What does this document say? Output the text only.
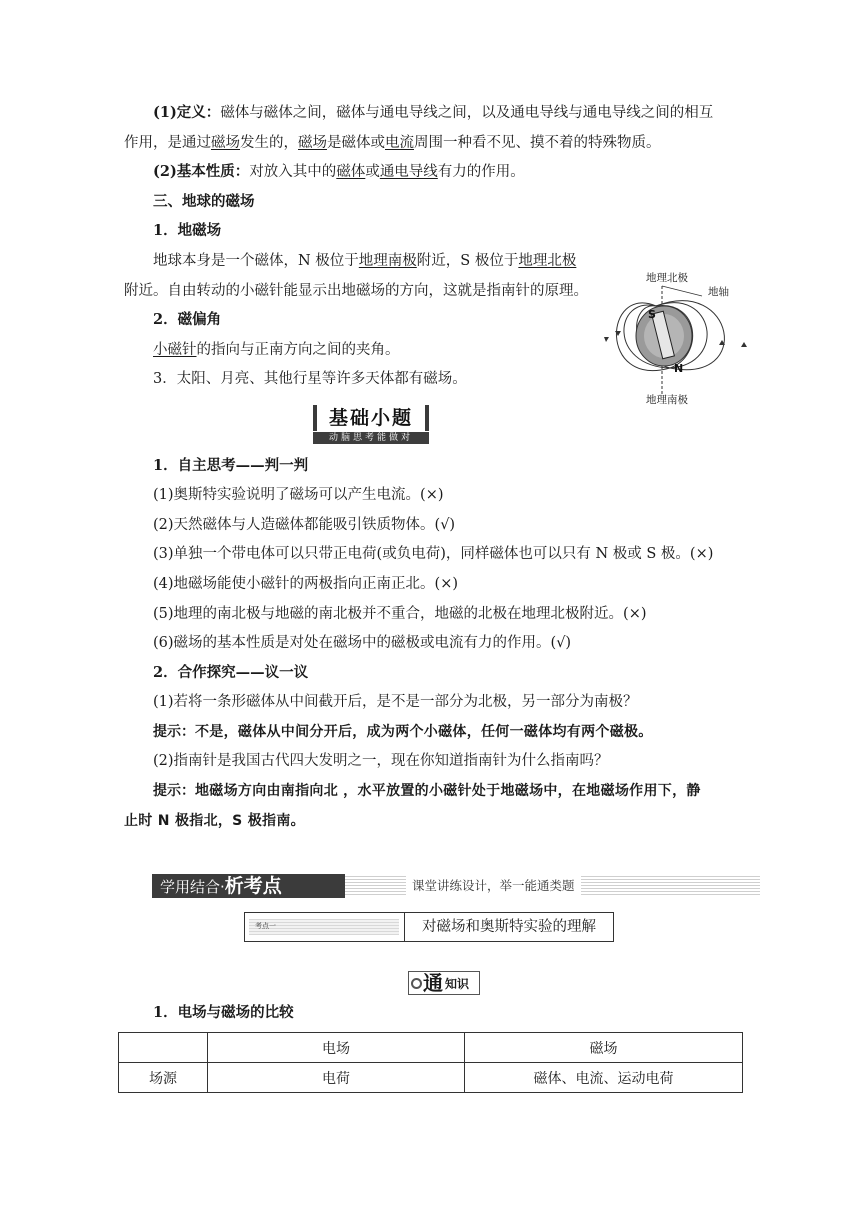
(1)定义：磁体与磁体之间，磁体与通电导线之间，以及通电导线与通电导线之间的相互
作用，是通过磁场发生的，磁场是磁体或电流周围一种看不见、摸不着的特殊物质。
(2)基本性质：对放入其中的磁体或通电导线有力的作用。
三、地球的磁场
1．地磁场
地球本身是一个磁体，N 极位于地理南极附近，S 极位于地理北极
附近。自由转动的小磁针能显示出地磁场的方向，这就是指南针的原理。
2．磁偏角
小磁针的指向与正南方向之间的夹角。
3．太阳、月亮、其他行星等许多天体都有磁场。
地理北极
地轴
地理南极
S
N
基础小题
动脑思考能做对
1．自主思考——判一判
(1)奥斯特实验说明了磁场可以产生电流。(×)
(2)天然磁体与人造磁体都能吸引铁质物体。(√)
(3)单独一个带电体可以只带正电荷(或负电荷)，同样磁体也可以只有 N 极或 S 极。(×)
(4)地磁场能使小磁针的两极指向正南正北。(×)
(5)地理的南北极与地磁的南北极并不重合，地磁的北极在地理北极附近。(×)
(6)磁场的基本性质是对处在磁场中的磁极或电流有力的作用。(√)
2．合作探究——议一议
(1)若将一条形磁体从中间截开后，是不是一部分为北极，另一部分为南极？
提示：不是，磁体从中间分开后，成为两个小磁体，任何一磁体均有两个磁极。
(2)指南针是我国古代四大发明之一，现在你知道指南针为什么指南吗？
提示：地磁场方向由南指向北 ，水平放置的小磁针处于地磁场中，在地磁场作用下，静
止时 N 极指北，S 极指南。
学用结合·析考点	课堂讲练设计，举一能通类题
考点一	对磁场和奥斯特实验的理解
通 知识
1．电场与磁场的比较
	电场	磁场
场源	电荷	磁体、电流、运动电荷
